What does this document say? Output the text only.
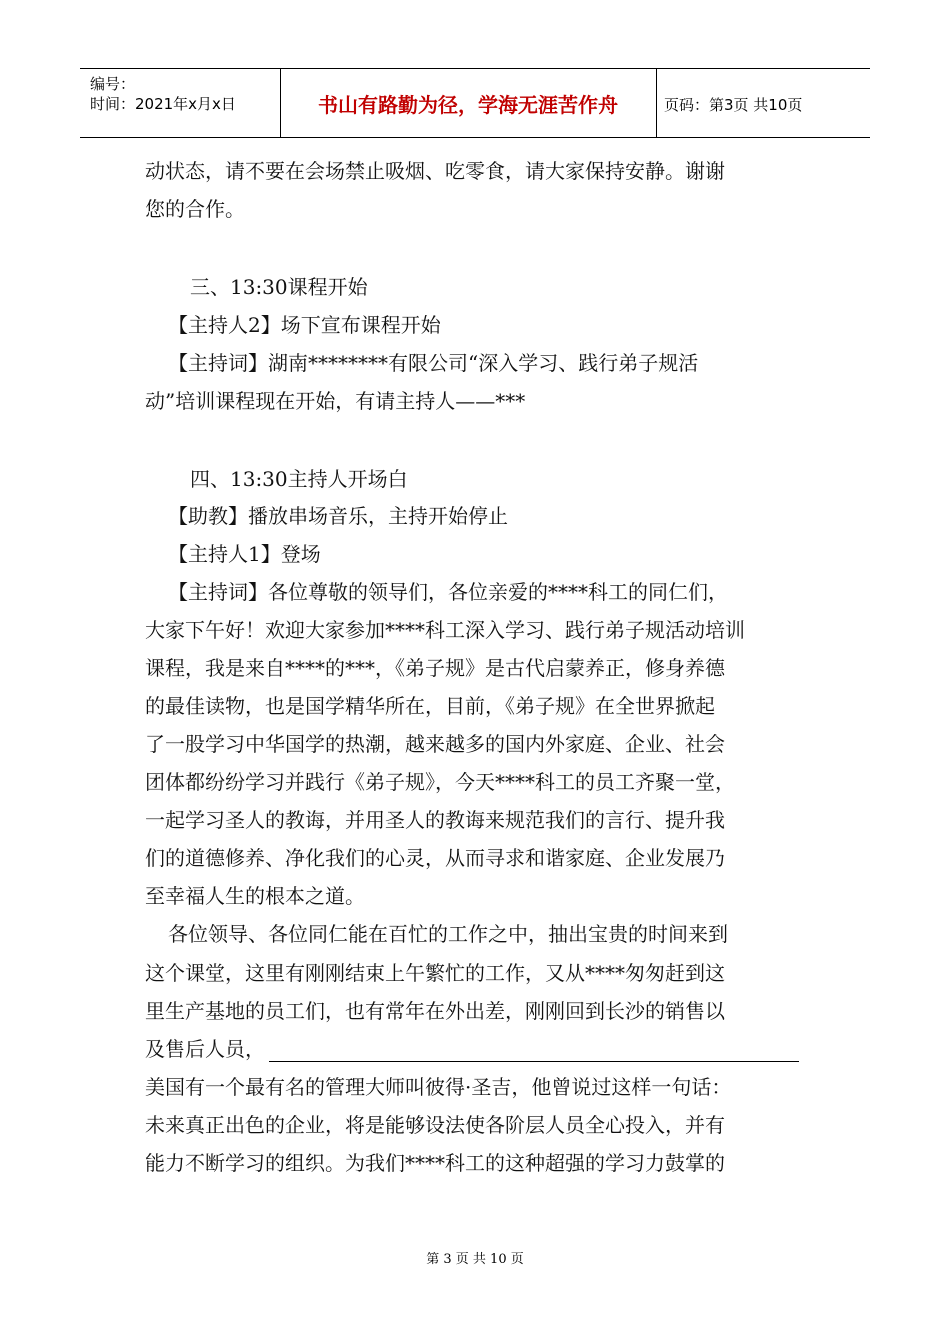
编号：
时间：2021年x月x日	书山有路勤为径，学海无涯苦作舟	页码：第3页 共10页
动状态，请不要在会场禁止吸烟、吃零食，请大家保持安静。谢谢
您的合作。
三、13:30课程开始
【主持人2】场下宣布课程开始
【主持词】湖南********有限公司“深入学习、践行弟子规活
动”培训课程现在开始，有请主持人——***
四、13:30主持人开场白
【助教】播放串场音乐，主持开始停止
【主持人1】登场
【主持词】各位尊敬的领导们，各位亲爱的****科工的同仁们，
大家下午好！欢迎大家参加****科工深入学习、践行弟子规活动培训
课程，我是来自****的***，《弟子规》是古代启蒙养正，修身养德
的最佳读物，也是国学精华所在，目前，《弟子规》在全世界掀起
了一股学习中华国学的热潮，越来越多的国内外家庭、企业、社会
团体都纷纷学习并践行《弟子规》，今天****科工的员工齐聚一堂，
一起学习圣人的教诲，并用圣人的教诲来规范我们的言行、提升我
们的道德修养、净化我们的心灵，从而寻求和谐家庭、企业发展乃
至幸福人生的根本之道。
各位领导、各位同仁能在百忙的工作之中，抽出宝贵的时间来到
这个课堂，这里有刚刚结束上午繁忙的工作，又从****匆匆赶到这
里生产基地的员工们，也有常年在外出差，刚刚回到长沙的销售以
及售后人员，
美国有一个最有名的管理大师叫彼得·圣吉，他曾说过这样一句话：
未来真正出色的企业，将是能够设法使各阶层人员全心投入，并有
能力不断学习的组织。为我们****科工的这种超强的学习力鼓掌的
第 3 页 共 10 页
